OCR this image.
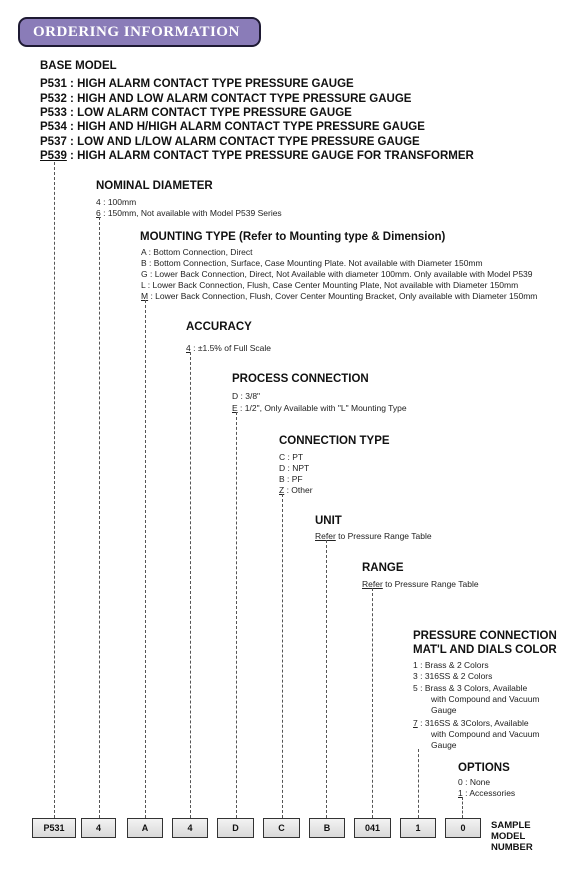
ORDERING INFORMATION
BASE MODEL
P531 : HIGH ALARM CONTACT TYPE PRESSURE GAUGE
P532 : HIGH AND LOW ALARM CONTACT TYPE PRESSURE GAUGE
P533 : LOW ALARM CONTACT TYPE PRESSURE GAUGE
P534 : HIGH AND H/HIGH ALARM CONTACT TYPE PRESSURE GAUGE
P537 : LOW AND L/LOW ALARM CONTACT TYPE PRESSURE GAUGE
P539 : HIGH ALARM CONTACT TYPE PRESSURE GAUGE FOR TRANSFORMER
NOMINAL DIAMETER
4 : 100mm
6 : 150mm, Not available with Model P539 Series
MOUNTING TYPE (Refer to Mounting type & Dimension)
A : Bottom Connection, Direct
B : Bottom Connection, Surface, Case Mounting Plate. Not available with Diameter 150mm
G : Lower Back Connection, Direct, Not Available with diameter 100mm. Only available with Model P539
L : Lower Back Connection, Flush, Case Center Mounting Plate, Not available with Diameter 150mm
M : Lower Back Connection, Flush, Cover Center Mounting Bracket, Only available with Diameter 150mm
ACCURACY
4 : ±1.5% of Full Scale
PROCESS CONNECTION
D : 3/8"
E : 1/2", Only Available with "L" Mounting Type
CONNECTION TYPE
C : PT
D : NPT
B : PF
Z : Other
UNIT
Refer to Pressure Range Table
RANGE
Refer to Pressure Range Table
PRESSURE CONNECTION
MAT'L AND DIALS COLOR
1 : Brass & 2 Colors
3 : 316SS & 2 Colors
5 : Brass & 3 Colors, Available
with Compound and Vacuum
Gauge
7 : 316SS & 3Colors, Available
with Compound and Vacuum
Gauge
OPTIONS
0 : None
1 : Accessories
P531	4	A	4	D	C	B	041	1	0	SAMPLE
MODEL
NUMBER
